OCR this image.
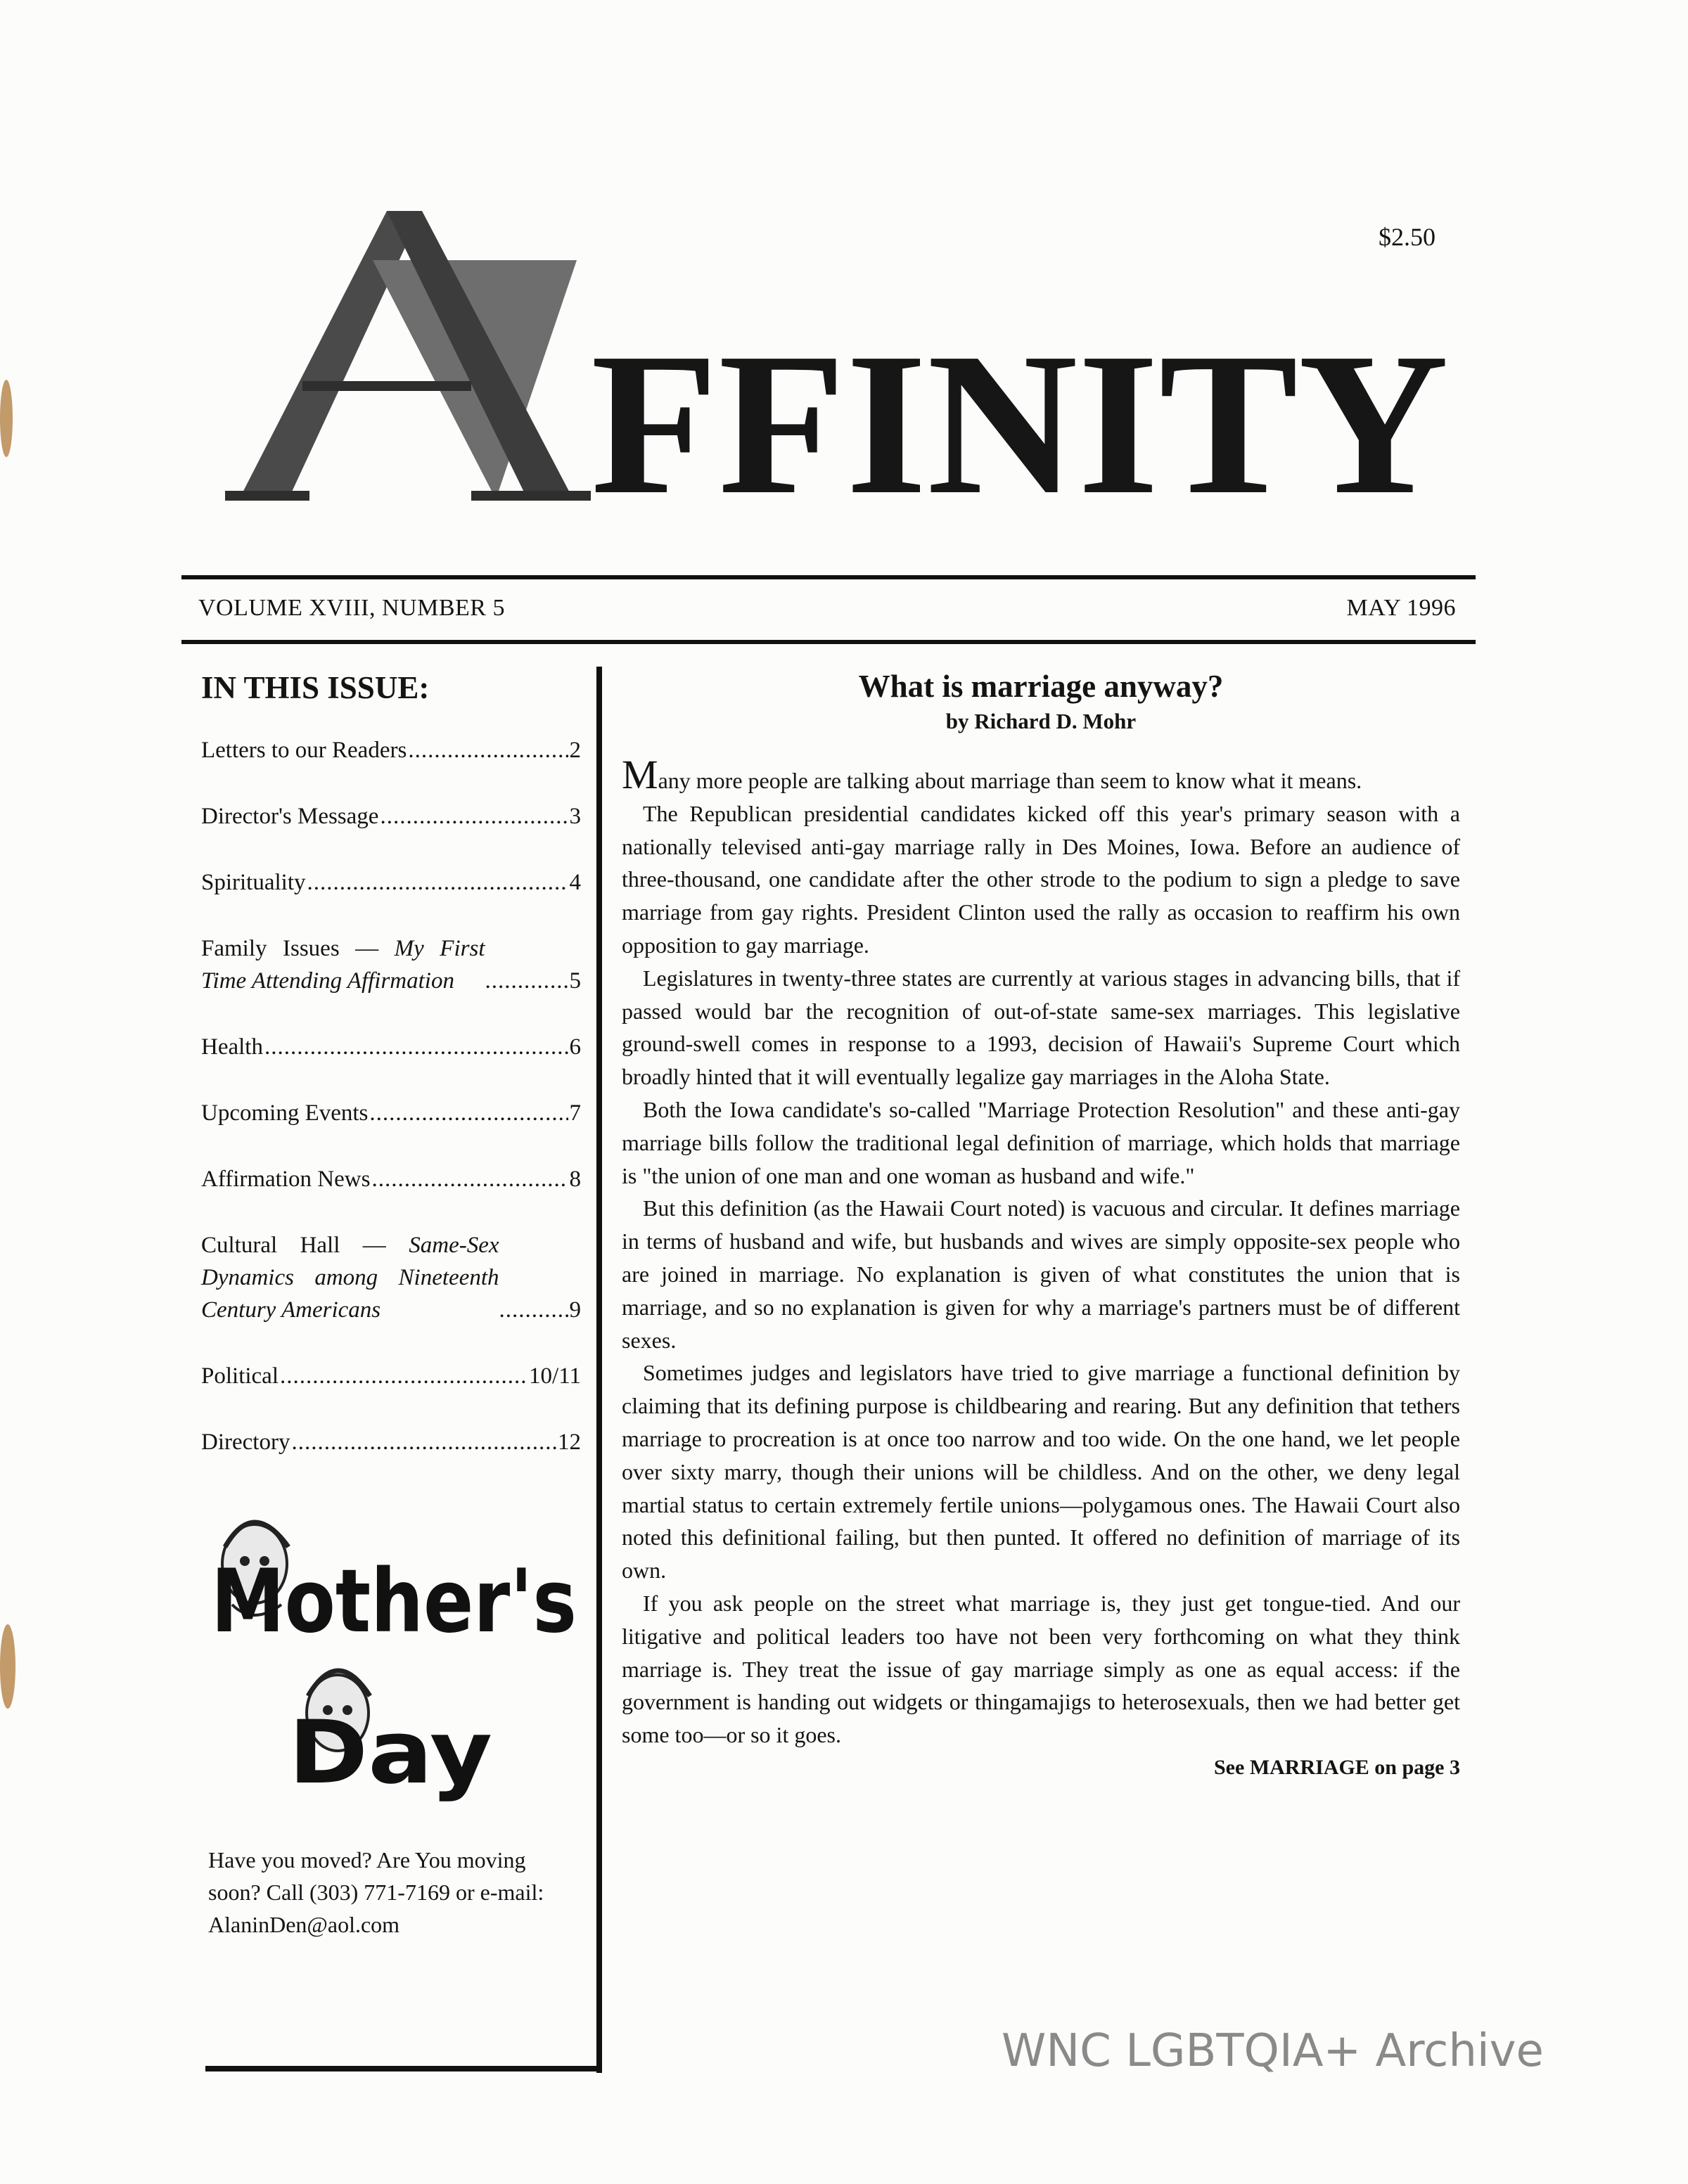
FFINITY
$2.50
VOLUME XVIII, NUMBER 5	MAY 1996
IN THIS ISSUE:
Letters to our Readers .....	2
Director's Message .....	3
Spirituality .....	4
Family Issues — My First Time Attending Affirmation .....	5
Health .....	6
Upcoming Events .....	7
Affirmation News .....	8
Cultural Hall — Same-Sex Dynamics among Nineteenth Century Americans .....	9
Political .....	10/11
Directory .....	12
Mother's
Day
Have you moved? Are You moving soon? Call (303) 771-7169 or e-mail: AlaninDen@aol.com
What is marriage anyway?
by Richard D. Mohr

Many more people are talking about marriage than seem to know what it means.

The Republican presidential candidates kicked off this year's primary season with a nationally televised anti-gay marriage rally in Des Moines, Iowa. Before an audience of three-thousand, one candidate after the other strode to the podium to sign a pledge to save marriage from gay rights. President Clinton used the rally as occasion to reaffirm his own opposition to gay marriage.

Legislatures in twenty-three states are currently at various stages in advancing bills, that if passed would bar the recognition of out-of-state same-sex marriages. This legislative ground-swell comes in response to a 1993, decision of Hawaii's Supreme Court which broadly hinted that it will eventually legalize gay marriages in the Aloha State.

Both the Iowa candidate's so-called "Marriage Protection Resolution" and these anti-gay marriage bills follow the traditional legal definition of marriage, which holds that marriage is "the union of one man and one woman as husband and wife."

But this definition (as the Hawaii Court noted) is vacuous and circular. It defines marriage in terms of husband and wife, but husbands and wives are simply opposite-sex people who are joined in marriage. No explanation is given of what constitutes the union that is marriage, and so no explanation is given for why a marriage's partners must be of different sexes.

Sometimes judges and legislators have tried to give marriage a functional definition by claiming that its defining purpose is childbearing and rearing. But any definition that tethers marriage to procreation is at once too narrow and too wide. On the one hand, we let people over sixty marry, though their unions will be childless. And on the other, we deny legal martial status to certain extremely fertile unions—polygamous ones. The Hawaii Court also noted this definitional failing, but then punted. It offered no definition of marriage of its own.

If you ask people on the street what marriage is, they just get tongue-tied. And our litigative and political leaders too have not been very forthcoming on what they think marriage is. They treat the issue of gay marriage simply as one as equal access: if the government is handing out widgets or thingamajigs to heterosexuals, then we had better get some too—or so it goes.

See MARRIAGE on page 3
WNC LGBTQIA+ Archive
